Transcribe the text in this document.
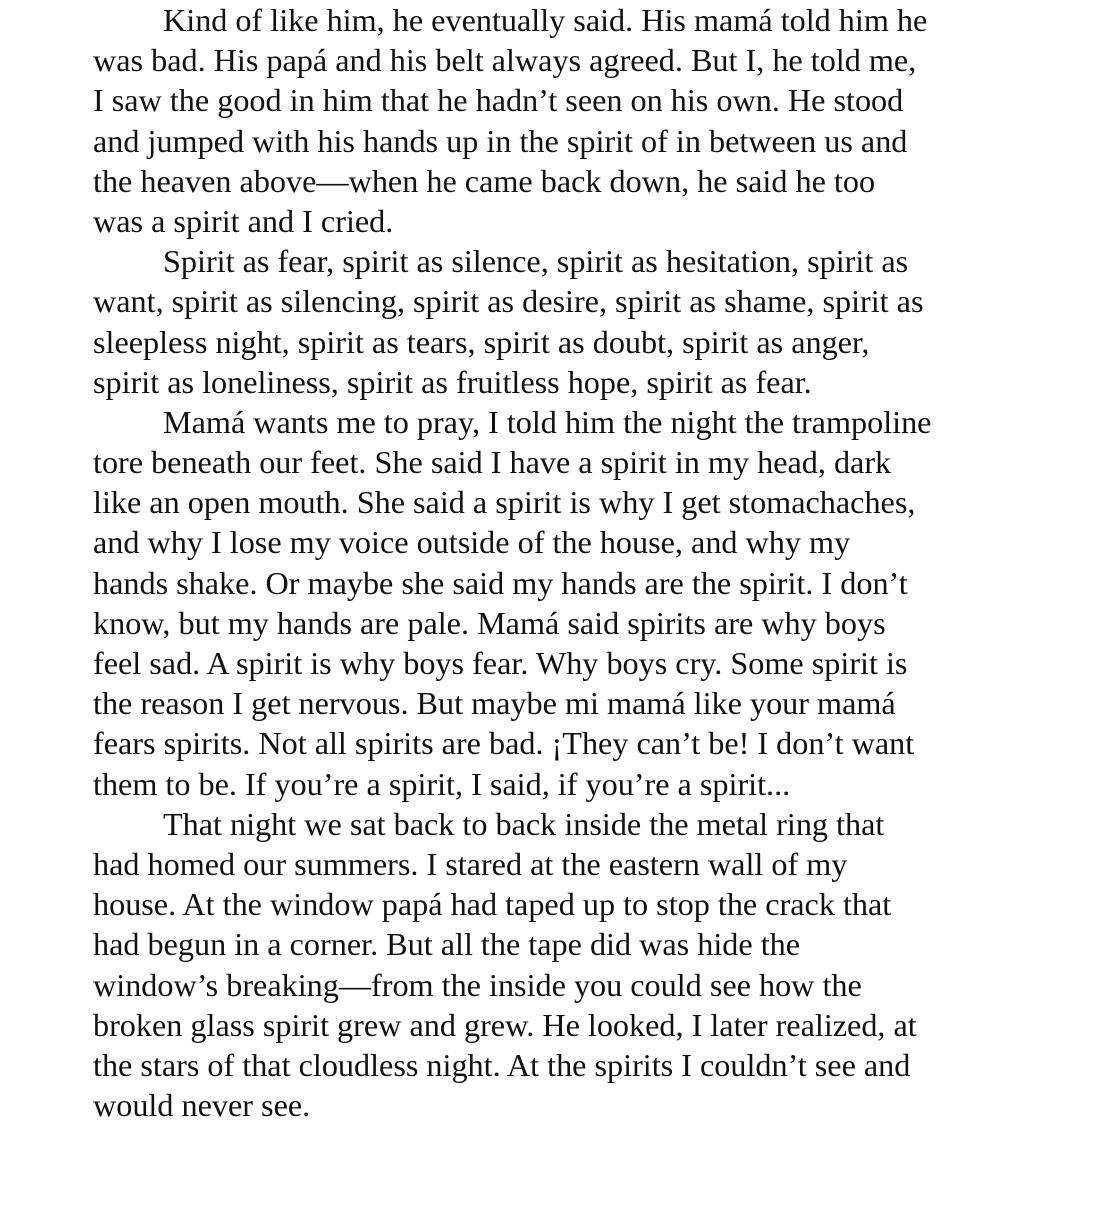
Kind of like him, he eventually said. His mamá told him he
was bad. His papá and his belt always agreed. But I, he told me,
I saw the good in him that he hadn’t seen on his own. He stood
and jumped with his hands up in the spirit of in between us and
the heaven above—when he came back down, he said he too
was a spirit and I cried.
Spirit as fear, spirit as silence, spirit as hesitation, spirit as
want, spirit as silencing, spirit as desire, spirit as shame, spirit as
sleepless night, spirit as tears, spirit as doubt, spirit as anger,
spirit as loneliness, spirit as fruitless hope, spirit as fear.
Mamá wants me to pray, I told him the night the trampoline
tore beneath our feet. She said I have a spirit in my head, dark
like an open mouth. She said a spirit is why I get stomachaches,
and why I lose my voice outside of the house, and why my
hands shake. Or maybe she said my hands are the spirit. I don’t
know, but my hands are pale. Mamá said spirits are why boys
feel sad. A spirit is why boys fear. Why boys cry. Some spirit is
the reason I get nervous. But maybe mi mamá like your mamá
fears spirits. Not all spirits are bad. ¡They can’t be! I don’t want
them to be. If you’re a spirit, I said, if you’re a spirit...
That night we sat back to back inside the metal ring that
had homed our summers. I stared at the eastern wall of my
house. At the window papá had taped up to stop the crack that
had begun in a corner. But all the tape did was hide the
window’s breaking—from the inside you could see how the
broken glass spirit grew and grew. He looked, I later realized, at
the stars of that cloudless night. At the spirits I couldn’t see and
would never see.
